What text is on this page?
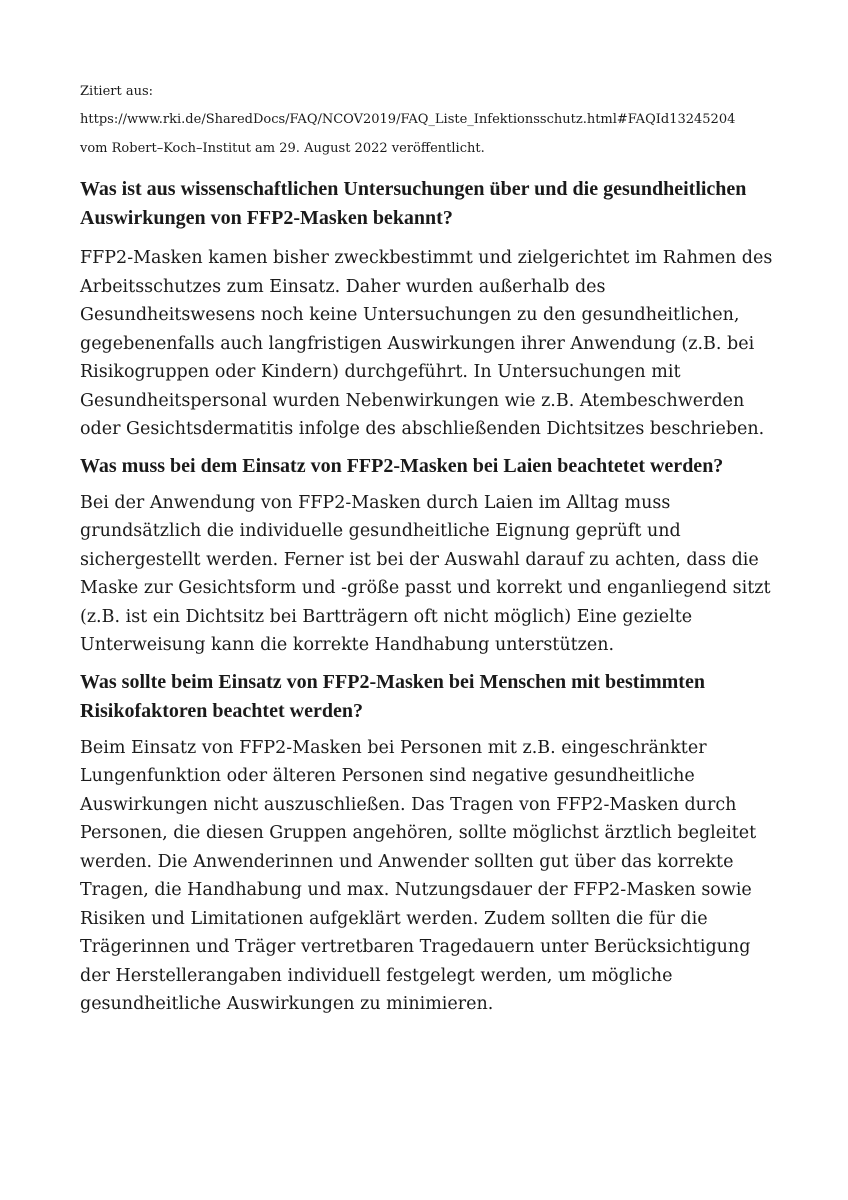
Zitiert aus:

https://www.rki.de/SharedDocs/FAQ/NCOV2019/FAQ_Liste_Infektionsschutz.html#FAQId13245204

vom Robert–Koch–Institut am 29. August 2022 veröffentlicht.

Was ist aus wissenschaftlichen Untersuchungen über und die gesundheitlichen Auswirkungen von FFP2-Masken bekannt?

FFP2-Masken kamen bisher zweckbestimmt und zielgerichtet im Rahmen des Arbeitsschutzes zum Einsatz. Daher wurden außerhalb des Gesundheitswesens noch keine Untersuchungen zu den gesundheitlichen, gegebenenfalls auch langfristigen Auswirkungen ihrer Anwendung (z.B. bei Risikogruppen oder Kindern) durchgeführt. In Untersuchungen mit Gesundheitspersonal wurden Nebenwirkungen wie z.B. Atembeschwerden oder Gesichtsdermatitis infolge des abschließenden Dichtsitzes beschrieben.

Was muss bei dem Einsatz von FFP2-Masken bei Laien beachtetet werden?

Bei der Anwendung von FFP2-Masken durch Laien im Alltag muss grundsätzlich die individuelle gesundheitliche Eignung geprüft und sichergestellt werden. Ferner ist bei der Auswahl darauf zu achten, dass die Maske zur Gesichtsform und -größe passt und korrekt und enganliegend sitzt (z.B. ist ein Dichtsitz bei Bartträgern oft nicht möglich) Eine gezielte Unterweisung kann die korrekte Handhabung unterstützen.

Was sollte beim Einsatz von FFP2-Masken bei Menschen mit bestimmten Risikofaktoren beachtet werden?

Beim Einsatz von FFP2-Masken bei Personen mit z.B. eingeschränkter Lungenfunktion oder älteren Personen sind negative gesundheitliche Auswirkungen nicht auszuschließen. Das Tragen von FFP2-Masken durch Personen, die diesen Gruppen angehören, sollte möglichst ärztlich begleitet werden. Die Anwenderinnen und Anwender sollten gut über das korrekte Tragen, die Handhabung und max. Nutzungsdauer der FFP2-Masken sowie Risiken und Limitationen aufgeklärt werden. Zudem sollten die für die Trägerinnen und Träger vertretbaren Tragedauern unter Berücksichtigung der Herstellerangaben individuell festgelegt werden, um mögliche gesundheitliche Auswirkungen zu minimieren.
